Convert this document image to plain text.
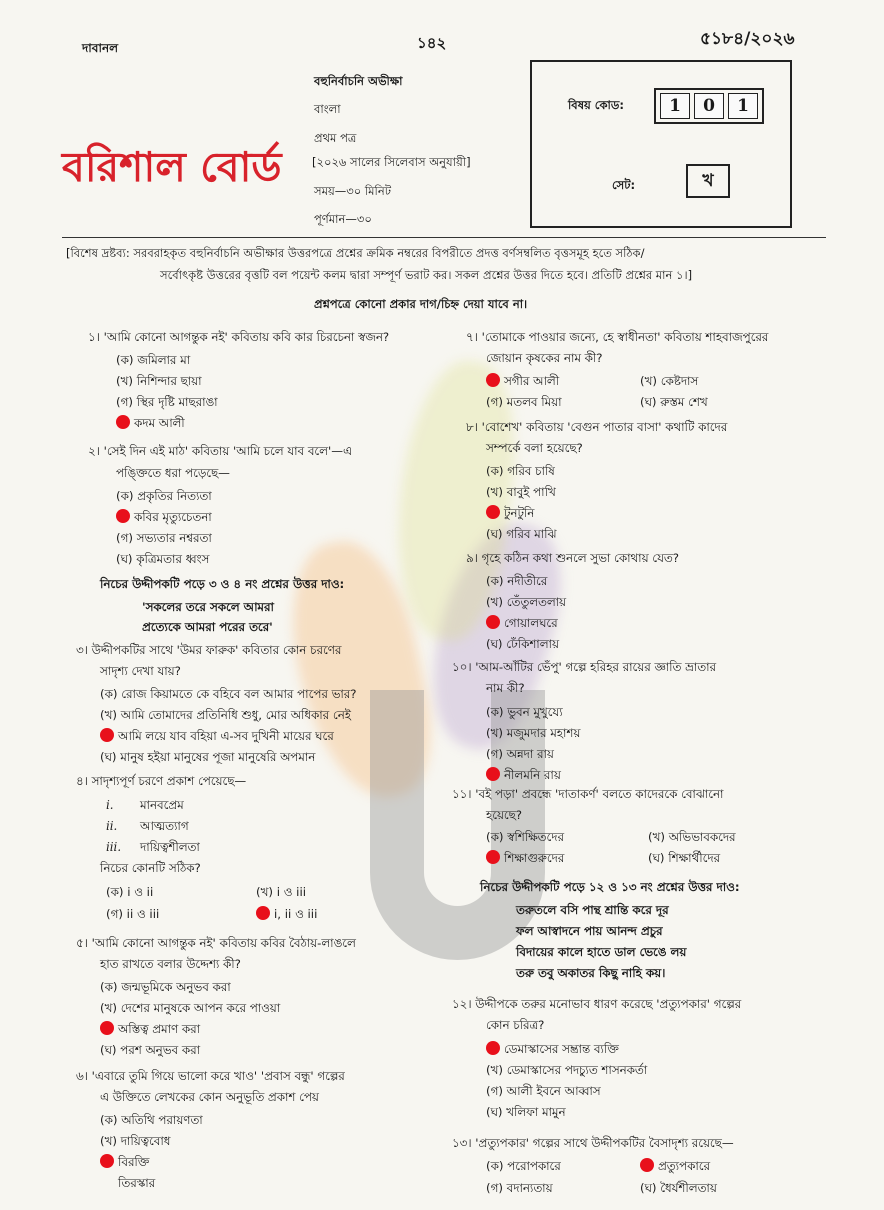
দাবানল	১৪২	৫১৮৪/২০২৬
বহুনির্বাচনি অভীক্ষা
বাংলা
প্রথম পত্র
[২০২৬ সালের সিলেবাস অনুযায়ী]
সময়—৩০ মিনিট
পূর্ণমান—৩০
বরিশাল বোর্ড
বিষয় কোড:	1 0 1
সেট:	খ
[বিশেষ দ্রষ্টব্য: সরবরাহকৃত বহুনির্বাচনি অভীক্ষার উত্তরপত্রে প্রশ্নের ক্রমিক নম্বরের বিপরীতে প্রদত্ত বর্ণসম্বলিত বৃত্তসমূহ হতে সঠিক/
সর্বোৎকৃষ্ট উত্তরের বৃত্তটি বল পয়েন্ট কলম দ্বারা সম্পূর্ণ ভরাট কর। সকল প্রশ্নের উত্তর দিতে হবে। প্রতিটি প্রশ্নের মান ১।]
প্রশ্নপত্রে কোনো প্রকার দাগ/চিহ্ন দেয়া যাবে না।
১। 'আমি কোনো আগন্তুক নই' কবিতায় কবি কার চিরচেনা স্বজন?
(ক) জমিলার মা
(খ) নিশিন্দার ছায়া
(গ) স্থির দৃষ্টি মাছরাঙা
কদম আলী
২। 'সেই দিন এই মাঠ' কবিতায় 'আমি চলে যাব বলে'—এ
পঙ্ক্তিতে ধরা পড়েছে—
(ক) প্রকৃতির নিত্যতা
কবির মৃত্যুচেতনা
(গ) সভ্যতার নশ্বরতা
(ঘ) কৃত্রিমতার ধ্বংস
নিচের উদ্দীপকটি পড়ে ৩ ও ৪ নং প্রশ্নের উত্তর দাও:
'সকলের তরে সকলে আমরা
প্রত্যেকে আমরা পরের তরে'
৩। উদ্দীপকটির সাথে 'উমর ফারুক' কবিতার কোন চরণের
সাদৃশ্য দেখা যায়?
(ক) রোজ কিয়ামতে কে বহিবে বল আমার পাপের ভার?
(খ) আমি তোমাদের প্রতিনিধি শুধু, মোর অধিকার নেই
আমি লয়ে যাব বহিয়া এ-সব দুখিনী মায়ের ঘরে
(ঘ) মানুষ হইয়া মানুষের পূজা মানুষেরি অপমান
৪। সাদৃশ্যপূর্ণ চরণে প্রকাশ পেয়েছে—
i. মানবপ্রেম
ii. আত্মত্যাগ
iii. দায়িত্বশীলতা
নিচের কোনটি সঠিক?
(ক) i ও ii	(খ) i ও iii
(গ) ii ও iii	i, ii ও iii
৫। 'আমি কোনো আগন্তুক নই' কবিতায় কবির বৈঠায়-লাঙলে
হাত রাখতে বলার উদ্দেশ্য কী?
(ক) জন্মভূমিকে অনুভব করা
(খ) দেশের মানুষকে আপন করে পাওয়া
অস্তিত্ব প্রমাণ করা
(ঘ) পরশ অনুভব করা
৬। 'এবারে তুমি গিয়ে ভালো করে খাও' 'প্রবাস বন্ধু' গল্পের
এ উক্তিতে লেখকের কোন অনুভূতি প্রকাশ পেয়
(ক) অতিথি পরায়ণতা
(খ) দায়িত্ববোধ
বিরক্তি
তিরস্কার
৭। 'তোমাকে পাওয়ার জন্যে, হে স্বাধীনতা' কবিতায় শাহবাজপুরের
জোয়ান কৃষকের নাম কী?
সগীর আলী	(খ) কেষ্টদাস
(গ) মতলব মিয়া	(ঘ) রুস্তম শেখ
৮। 'বোশেখ' কবিতায় 'বেগুন পাতার বাসা' কথাটি কাদের
সম্পর্কে বলা হয়েছে?
(ক) গরিব চাষি
(খ) বাবুই পাখি
টুনটুনি
(ঘ) গরিব মাঝি
৯। গৃহে কঠিন কথা শুনলে সুভা কোথায় যেত?
(ক) নদীতীরে
(খ) তেঁতুলতলায়
গোয়ালঘরে
(ঘ) ঢেঁকিশালায়
১০। 'আম-আঁটির ভেঁপু' গল্পে হরিহর রায়ের জ্ঞাতি ভ্রাতার
নাম কী?
(ক) ভুবন মুখুয্যে
(খ) মজুমদার মহাশয়
(গ) অন্নদা রায়
নীলমনি রায়
১১। 'বই পড়া' প্রবন্ধে 'দাতাকর্ণ' বলতে কাদেরকে বোঝানো
হয়েছে?
(ক) স্বশিক্ষিতদের	(খ) অভিভাবকদের
শিক্ষাগুরুদের	(ঘ) শিক্ষার্থীদের
নিচের উদ্দীপকটি পড়ে ১২ ও ১৩ নং প্রশ্নের উত্তর দাও:
তরুতলে বসি পান্থ শ্রান্তি করে দূর
ফল আস্বাদনে পায় আনন্দ প্রচুর
বিদায়ের কালে হাতে ডাল ভেঙে লয়
তরু তবু অকাতর কিছু নাহি কয়।
১২। উদ্দীপকে তরুর মনোভাব ধারণ করেছে 'প্রত্যুপকার' গল্পের
কোন চরিত্র?
ডেমাস্কাসের সম্ভ্রান্ত ব্যক্তি
(খ) ডেমাস্কাসের পদচ্যুত শাসনকর্তা
(গ) আলী ইবনে আব্বাস
(ঘ) খলিফা মামুন
১৩। 'প্রত্যুপকার' গল্পের সাথে উদ্দীপকটির বৈসাদৃশ্য রয়েছে—
(ক) পরোপকারে	প্রত্যুপকারে
(গ) বদান্যতায়	(ঘ) ধৈর্যশীলতায়
